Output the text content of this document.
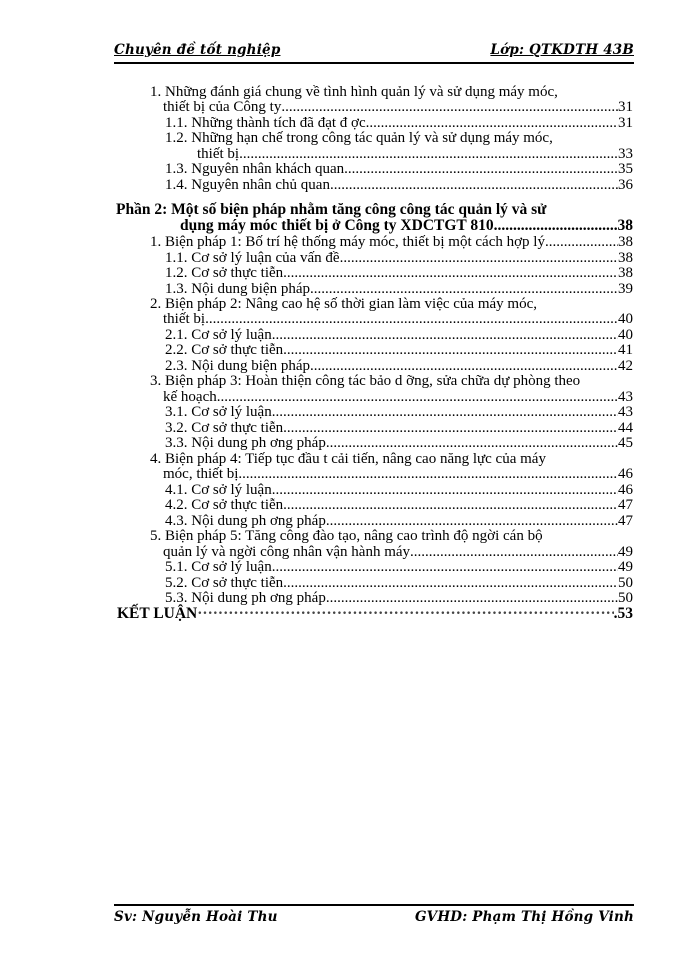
Chuyên đề tốt nghiệp	Lớp: QTKDTH 43B
1. Những đánh giá chung về tình hình quản lý và sử dụng máy móc,
thiết bị của Công ty .....	31
1.1. Những thành tích đã đạt đ ợc .....	31
1.2. Những hạn chế trong công tác quản lý và sử dụng máy móc,
thiết bị .....	33
1.3. Nguyên nhân khách quan .....	35
1.4. Nguyên nhân chủ quan .....	36
Phần 2: Một số biện pháp nhằm tăng công công tác quản lý và sử
dụng máy móc thiết bị ở Công ty XDCTGT 810 .....	38
1. Biện pháp 1: Bố trí hệ thống máy móc, thiết bị một cách hợp lý .....	38
1.1. Cơ sở lý luận của vấn đề .....	38
1.2. Cơ sở thực tiễn .....	38
1.3. Nội dung biện pháp .....	39
2. Biện pháp 2: Nâng cao hệ số thời gian làm việc của máy móc,
thiết bị .....	40
2.1. Cơ sở lý luận .....	40
2.2. Cơ sở thực tiễn .....	41
2.3. Nội dung biện pháp .....	42
3. Biện pháp 3: Hoàn thiện công tác bảo d ỡng, sửa chữa dự phòng theo
kế hoạch .....	43
3.1. Cơ sở lý luận .....	43
3.2. Cơ sở thực tiễn .....	44
3.3. Nội dung ph ơng pháp .....	45
4. Biện pháp 4: Tiếp tục đầu t cải tiến, nâng cao năng lực của máy
móc, thiết bị .....	46
4.1. Cơ sở lý luận .....	46
4.2. Cơ sở thực tiễn .....	47
4.3. Nội dung ph ơng pháp .....	47
5. Biện pháp 5: Tăng công đào tạo, nâng cao trình độ ngời cán bộ
quản lý và ngời công nhân vận hành máy .....	49
5.1. Cơ sở lý luận .....	49
5.2. Cơ sở thực tiễn .....	50
5.3. Nội dung ph ơng pháp .....	50
KẾT LUẬN ·····	.53
Sv: Nguyễn Hoài Thu	GVHD: Phạm Thị Hồng Vinh
